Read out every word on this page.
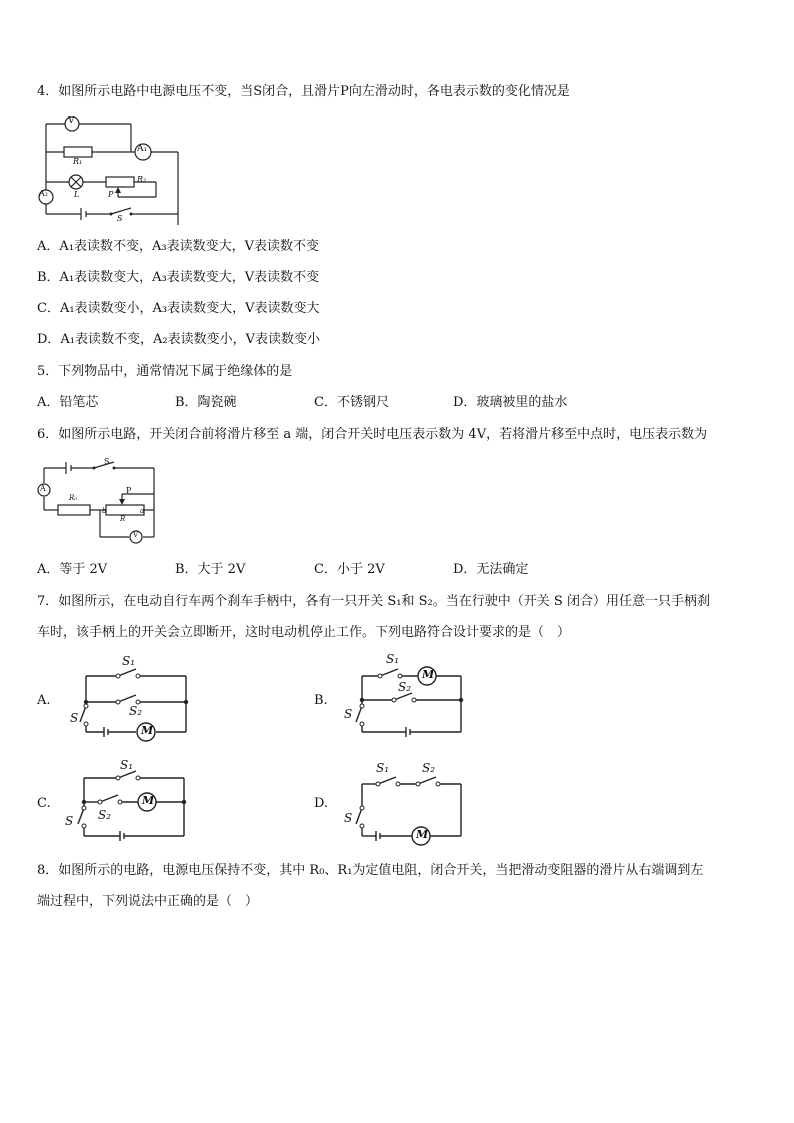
4．如图所示电路中电源电压不变，当S闭合，且滑片P向左滑动时，各电表示数的变化情况是
V
A₁
R₁
R₂
L	P
A₂
S
A．A₁表读数不变，A₃表读数变大，V表读数不变
B．A₁表读数变大，A₃表读数变大，V表读数不变
C．A₁表读数变小，A₃表读数变大，V表读数变大
D．A₁表读数不变，A₂表读数变小，V表读数变小
5．下列物品中，通常情况下属于绝缘体的是
A．铅笔芯	B．陶瓷碗	C．不锈钢尺	D．玻璃被里的盐水
6．如图所示电路，开关闭合前将滑片移至 a 端，闭合开关时电压表示数为 4V，若将滑片移至中点时，电压表示数为
S
A
R₀
P
b
R
a
V
A．等于 2V	B．大于 2V	C．小于 2V	D．无法确定
7．如图所示，在电动自行车两个刹车手柄中，各有一只开关 S₁和 S₂。当在行驶中（开关 S 闭合）用任意一只手柄刹
车时，该手柄上的开关会立即断开，这时电动机停止工作。下列电路符合设计要求的是（　）
A.
S₁
S₂
S
M
B.
S₁
S₂
S
M
C.
S₁
S₂
S
M	D.
S₁	S₂
S
M
8．如图所示的电路，电源电压保持不变，其中 R₀、R₁为定值电阻，闭合开关，当把滑动变阻器的滑片从右端调到左
端过程中，下列说法中正确的是（　）
